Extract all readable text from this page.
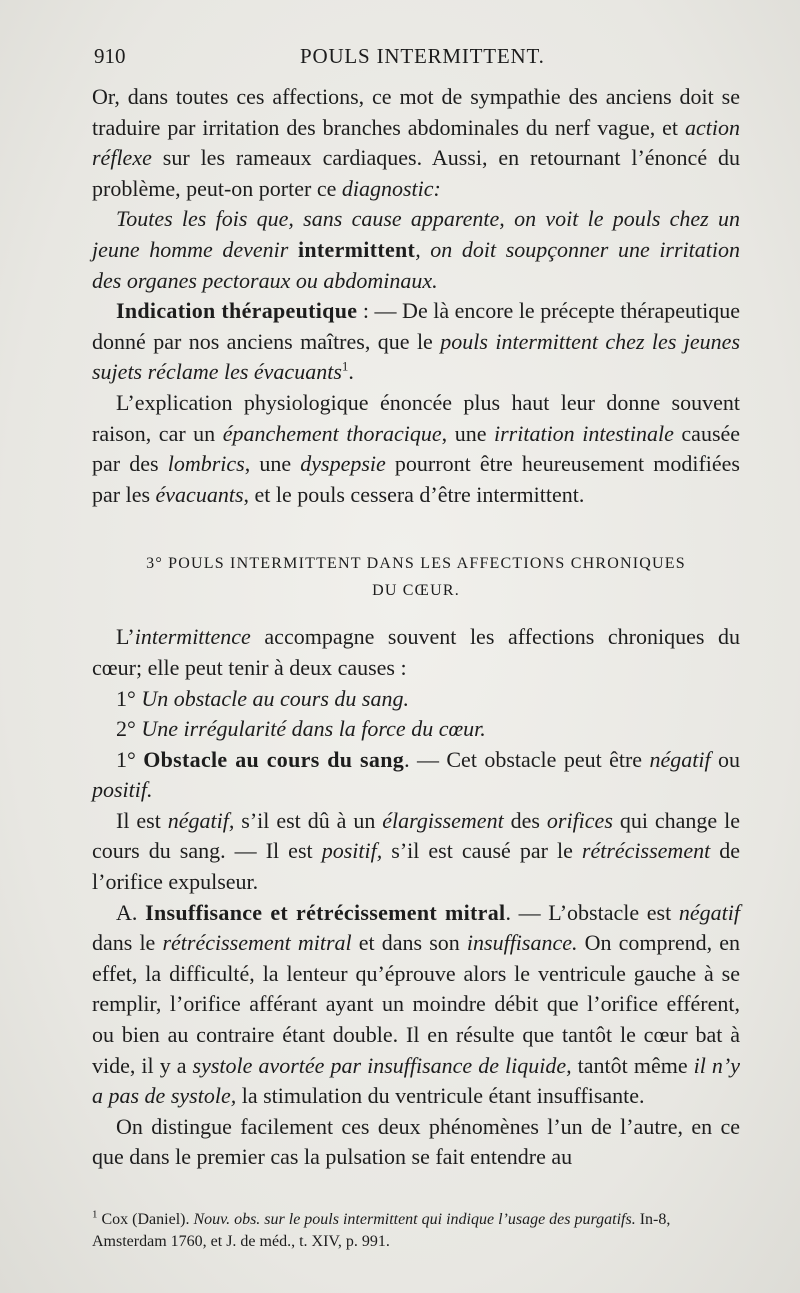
910	POULS INTERMITTENT.

Or, dans toutes ces affections, ce mot de sympathie des anciens doit se traduire par irritation des branches abdominales du nerf vague, et action réflexe sur les rameaux cardiaques. Aussi, en retournant l’énoncé du problème, peut-on porter ce diagnostic:

Toutes les fois que, sans cause apparente, on voit le pouls chez un jeune homme devenir intermittent, on doit soupçonner une irritation des organes pectoraux ou abdominaux.

Indication thérapeutique : — De là encore le précepte thérapeutique donné par nos anciens maîtres, que le pouls intermittent chez les jeunes sujets réclame les évacuants$^1$.

L’explication physiologique énoncée plus haut leur donne souvent raison, car un épanchement thoracique, une irritation intestinale causée par des lombrics, une dyspepsie pourront être heureusement modifiées par les évacuants, et le pouls cessera d’être intermittent.

3° POULS INTERMITTENT DANS LES AFFECTIONS CHRONIQUES
DU CŒUR.

L’intermittence accompagne souvent les affections chroniques du cœur; elle peut tenir à deux causes :

1° Un obstacle au cours du sang.

2° Une irrégularité dans la force du cœur.

1° Obstacle au cours du sang. — Cet obstacle peut être négatif ou positif.

Il est négatif, s’il est dû à un élargissement des orifices qui change le cours du sang. — Il est positif, s’il est causé par le rétrécissement de l’orifice expulseur.

A. Insuffisance et rétrécissement mitral. — L’obstacle est négatif dans le rétrécissement mitral et dans son insuffisance. On comprend, en effet, la difficulté, la lenteur qu’éprouve alors le ventricule gauche à se remplir, l’orifice afférant ayant un moindre débit que l’orifice efférent, ou bien au contraire étant double. Il en résulte que tantôt le cœur bat à vide, il y a systole avortée par insuffisance de liquide, tantôt même il n’y a pas de systole, la stimulation du ventricule étant insuffisante.

On distingue facilement ces deux phénomènes l’un de l’autre, en ce que dans le premier cas la pulsation se fait entendre au

$^1$ Cox (Daniel). Nouv. obs. sur le pouls intermittent qui indique l’usage des purgatifs. In-8, Amsterdam 1760, et J. de méd., t. XIV, p. 991.
